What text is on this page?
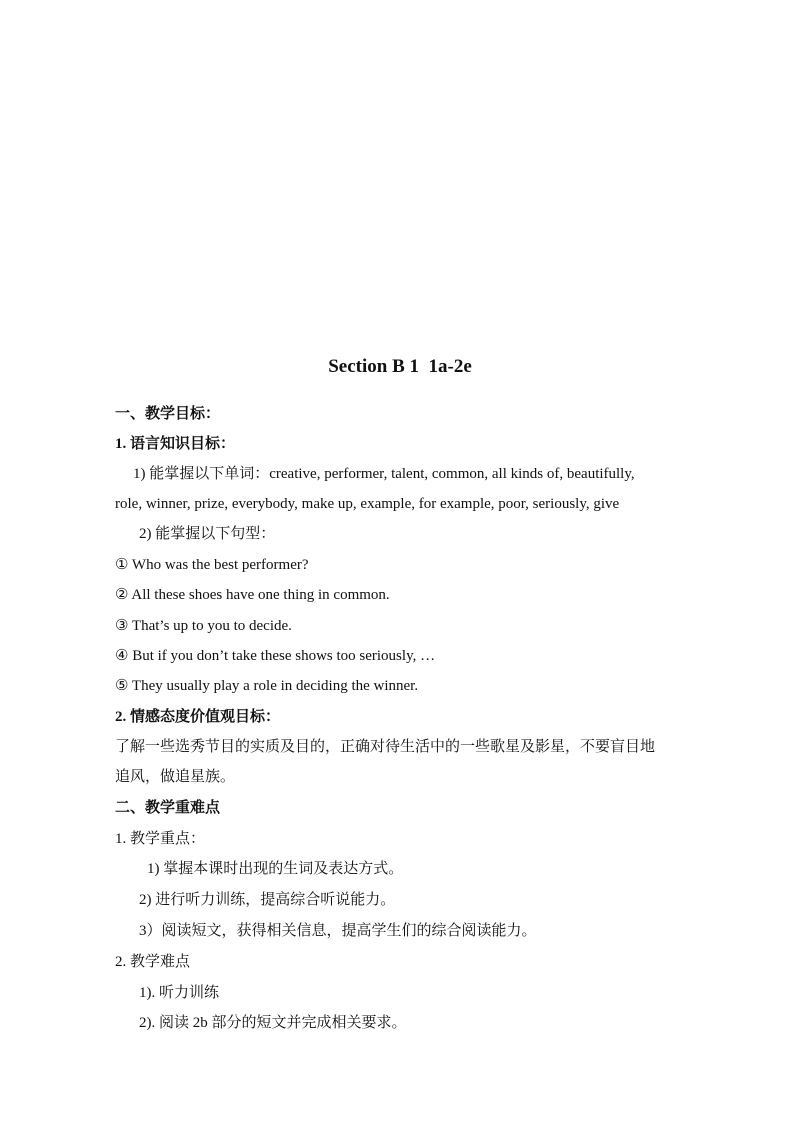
Section B 1  1a-2e
一、教学目标：
1. 语言知识目标：
1) 能掌握以下单词：creative, performer, talent, common, all kinds of, beautifully,
role, winner, prize, everybody, make up, example, for example, poor, seriously, give
2) 能掌握以下句型：
① Who was the best performer?
② All these shoes have one thing in common.
③ That’s up to you to decide.
④ But if you don’t take these shows too seriously, …
⑤ They usually play a role in deciding the winner.
2. 情感态度价值观目标：
了解一些选秀节目的实质及目的，正确对待生活中的一些歌星及影星，不要盲目地
追风，做追星族。
二、教学重难点
1. 教学重点：
1) 掌握本课时出现的生词及表达方式。
2) 进行听力训练，提高综合听说能力。
3）阅读短文，获得相关信息，提高学生们的综合阅读能力。
2. 教学难点
1). 听力训练
2). 阅读 2b 部分的短文并完成相关要求。
